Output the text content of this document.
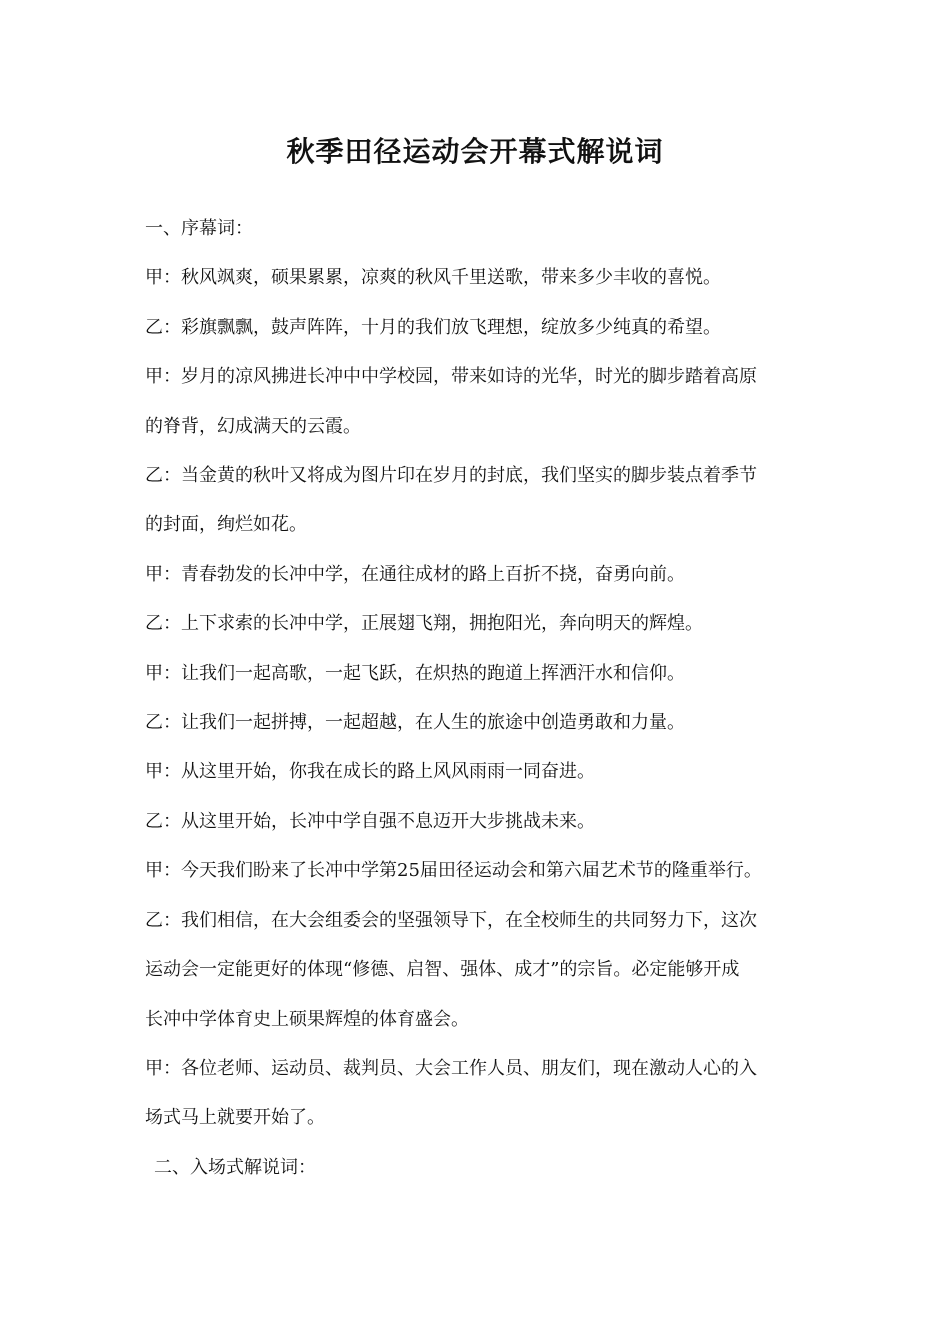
秋季田径运动会开幕式解说词
一、序幕词：
甲：秋风飒爽，硕果累累，凉爽的秋风千里送歌，带来多少丰收的喜悦。
乙：彩旗飘飘，鼓声阵阵，十月的我们放飞理想，绽放多少纯真的希望。
甲：岁月的凉风拂进长冲中中学校园，带来如诗的光华，时光的脚步踏着高原
的脊背，幻成满天的云霞。
乙：当金黄的秋叶又将成为图片印在岁月的封底，我们坚实的脚步装点着季节
的封面，绚烂如花。
甲：青春勃发的长冲中学，在通往成材的路上百折不挠，奋勇向前。
乙：上下求索的长冲中学，正展翅飞翔，拥抱阳光，奔向明天的辉煌。
甲：让我们一起高歌，一起飞跃，在炽热的跑道上挥洒汗水和信仰。
乙：让我们一起拼搏，一起超越，在人生的旅途中创造勇敢和力量。
甲：从这里开始，你我在成长的路上风风雨雨一同奋进。
乙：从这里开始，长冲中学自强不息迈开大步挑战未来。
甲：今天我们盼来了长冲中学第25届田径运动会和第六届艺术节的隆重举行。
乙：我们相信，在大会组委会的坚强领导下，在全校师生的共同努力下，这次
运动会一定能更好的体现“修德、启智、强体、成才”的宗旨。必定能够开成
长冲中学体育史上硕果辉煌的体育盛会。
甲：各位老师、运动员、裁判员、大会工作人员、朋友们，现在激动人心的入
场式马上就要开始了。
二、入场式解说词：
